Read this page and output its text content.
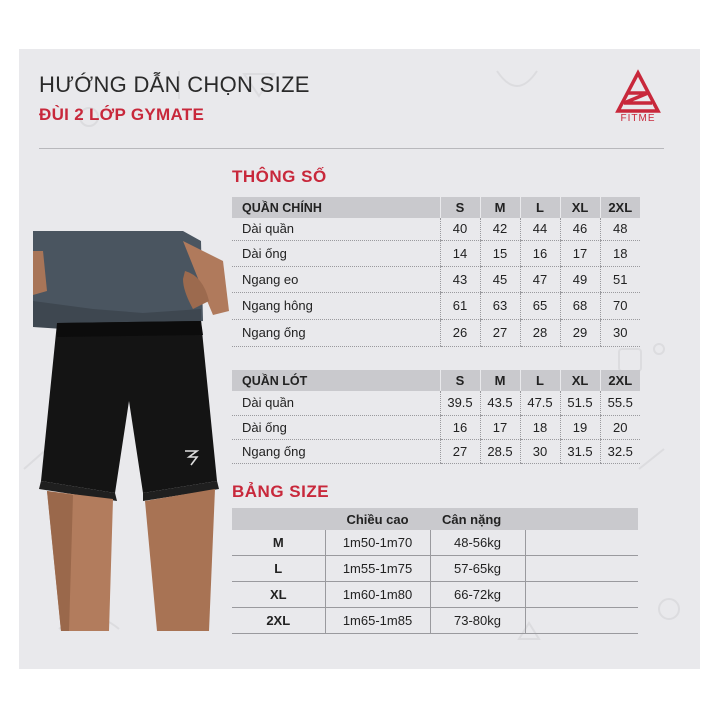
HƯỚNG DẪN CHỌN SIZE
ĐÙI 2 LỚP GYMATE	FITME
THÔNG SỐ
QUẦN CHÍNH	S	M	L	XL	2XL
Dài quần	40	42	44	46	48
Dài ống	14	15	16	17	18
Ngang eo	43	45	47	49	51
Ngang hông	61	63	65	68	70
Ngang ống	26	27	28	29	30
QUẦN LÓT	S	M	L	XL	2XL
Dài quần	39.5	43.5	47.5	51.5	55.5
Dài ống	16	17	18	19	20
Ngang ống	27	28.5	30	31.5	32.5
BẢNG SIZE
	Chiều cao	Cân nặng	
M	1m50-1m70	48-56kg	
L	1m55-1m75	57-65kg	
XL	1m60-1m80	66-72kg	
2XL	1m65-1m85	73-80kg	
